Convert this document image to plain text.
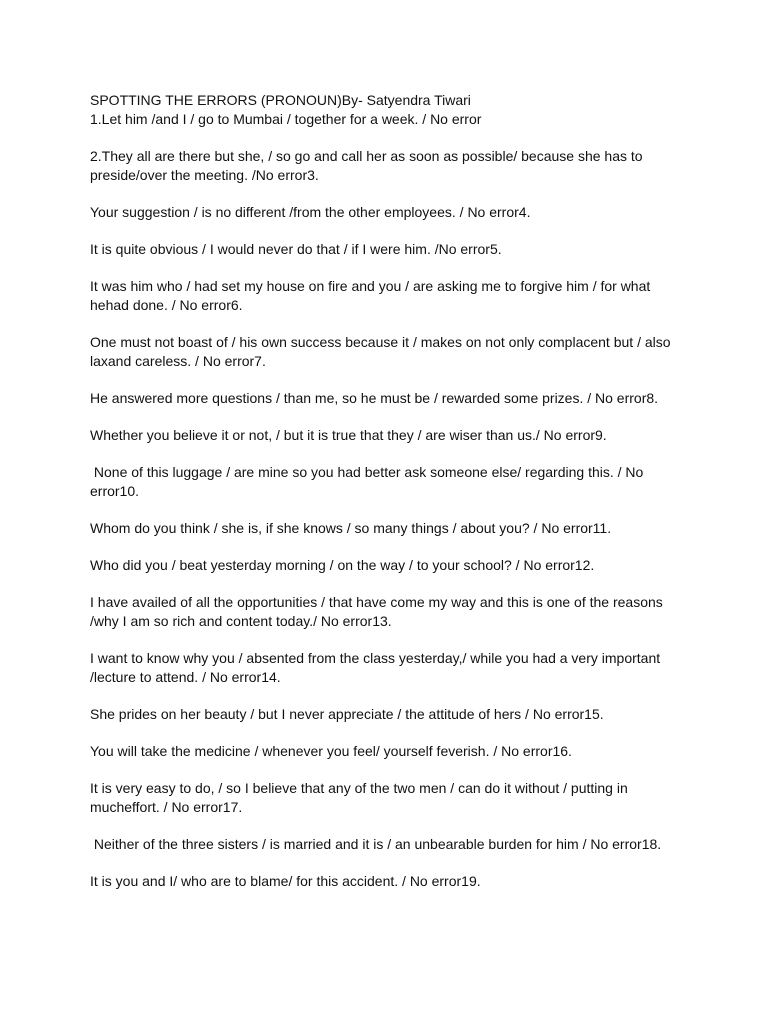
SPOTTING THE ERRORS (PRONOUN)By- Satyendra Tiwari

1.Let him /and I / go to Mumbai / together for a week. / No error

2.They all are there but she, / so go and call her as soon as possible/ because she has to preside/over the meeting. /No error3.

Your suggestion / is no different /from the other employees. / No error4.

It is quite obvious / I would never do that / if I were him. /No error5.

It was him who / had set my house on fire and you / are asking me to forgive him / for what hehad done. / No error6.

One must not boast of / his own success because it / makes on not only complacent but / also laxand careless. / No error7.

He answered more questions / than me, so he must be / rewarded some prizes. / No error8.

Whether you believe it or not, / but it is true that they / are wiser than us./ No error9.

None of this luggage / are mine so you had better ask someone else/ regarding this. / No error10.

Whom do you think / she is, if she knows / so many things / about you? / No error11.

Who did you / beat yesterday morning / on the way / to your school? / No error12.

I have availed of all the opportunities / that have come my way and this is one of the reasons /why I am so rich and content today./ No error13.

I want to know why you / absented from the class yesterday,/ while you had a very important /lecture to attend. / No error14.

She prides on her beauty / but I never appreciate / the attitude of hers / No error15.

You will take the medicine / whenever you feel/ yourself feverish. / No error16.

It is very easy to do, / so I believe that any of the two men / can do it without / putting in mucheffort. / No error17.

Neither of the three sisters / is married and it is / an unbearable burden for him / No error18.

It is you and I/ who are to blame/ for this accident. / No error19.
